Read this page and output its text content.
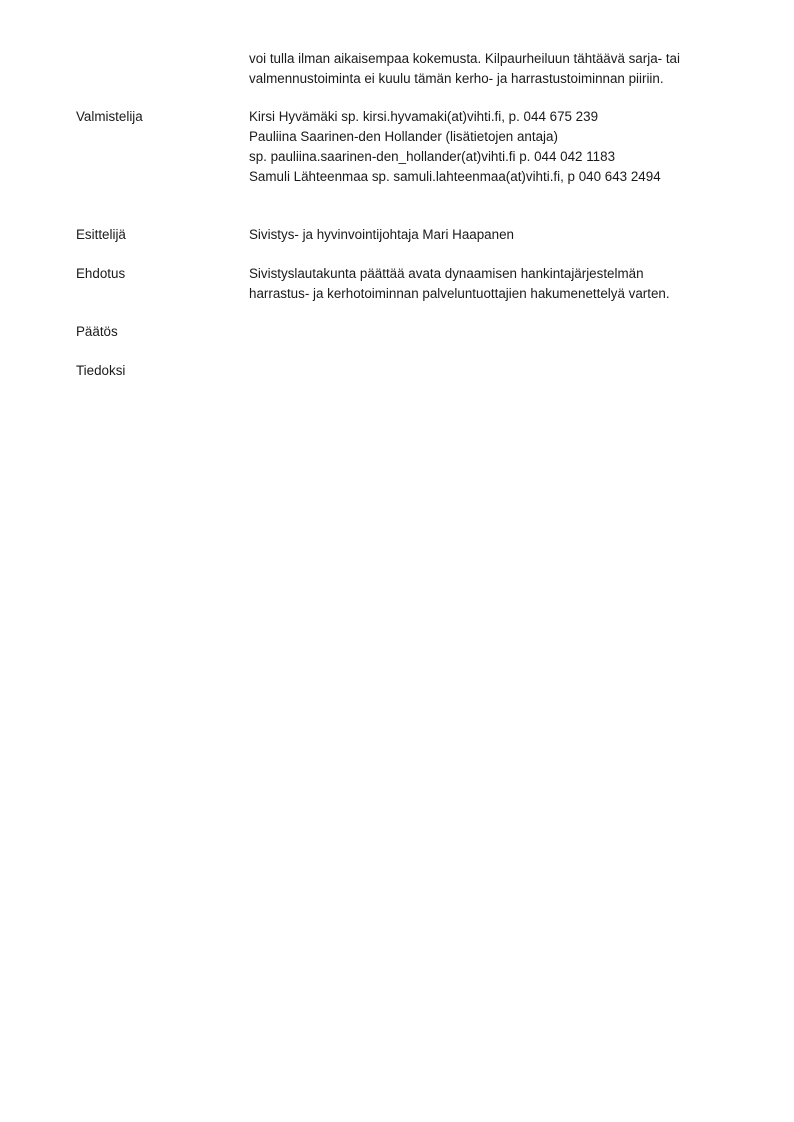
voi tulla ilman aikaisempaa kokemusta. Kilpaurheiluun tähtäävä sarja- tai
valmennustoiminta ei kuulu tämän kerho- ja harrastustoiminnan piiriin.
Valmistelija	Kirsi Hyvämäki sp. kirsi.hyvamaki(at)vihti.fi, p. 044 675 239
Pauliina Saarinen-den Hollander (lisätietojen antaja)
sp. pauliina.saarinen-den_hollander(at)vihti.fi p. 044 042 1183
Samuli Lähteenmaa sp. samuli.lahteenmaa(at)vihti.fi, p 040 643 2494
Esittelijä	Sivistys- ja hyvinvointijohtaja Mari Haapanen
Ehdotus	Sivistyslautakunta päättää avata dynaamisen hankintajärjestelmän
harrastus- ja kerhotoiminnan palveluntuottajien hakumenettelyä varten.
Päätös
Tiedoksi
